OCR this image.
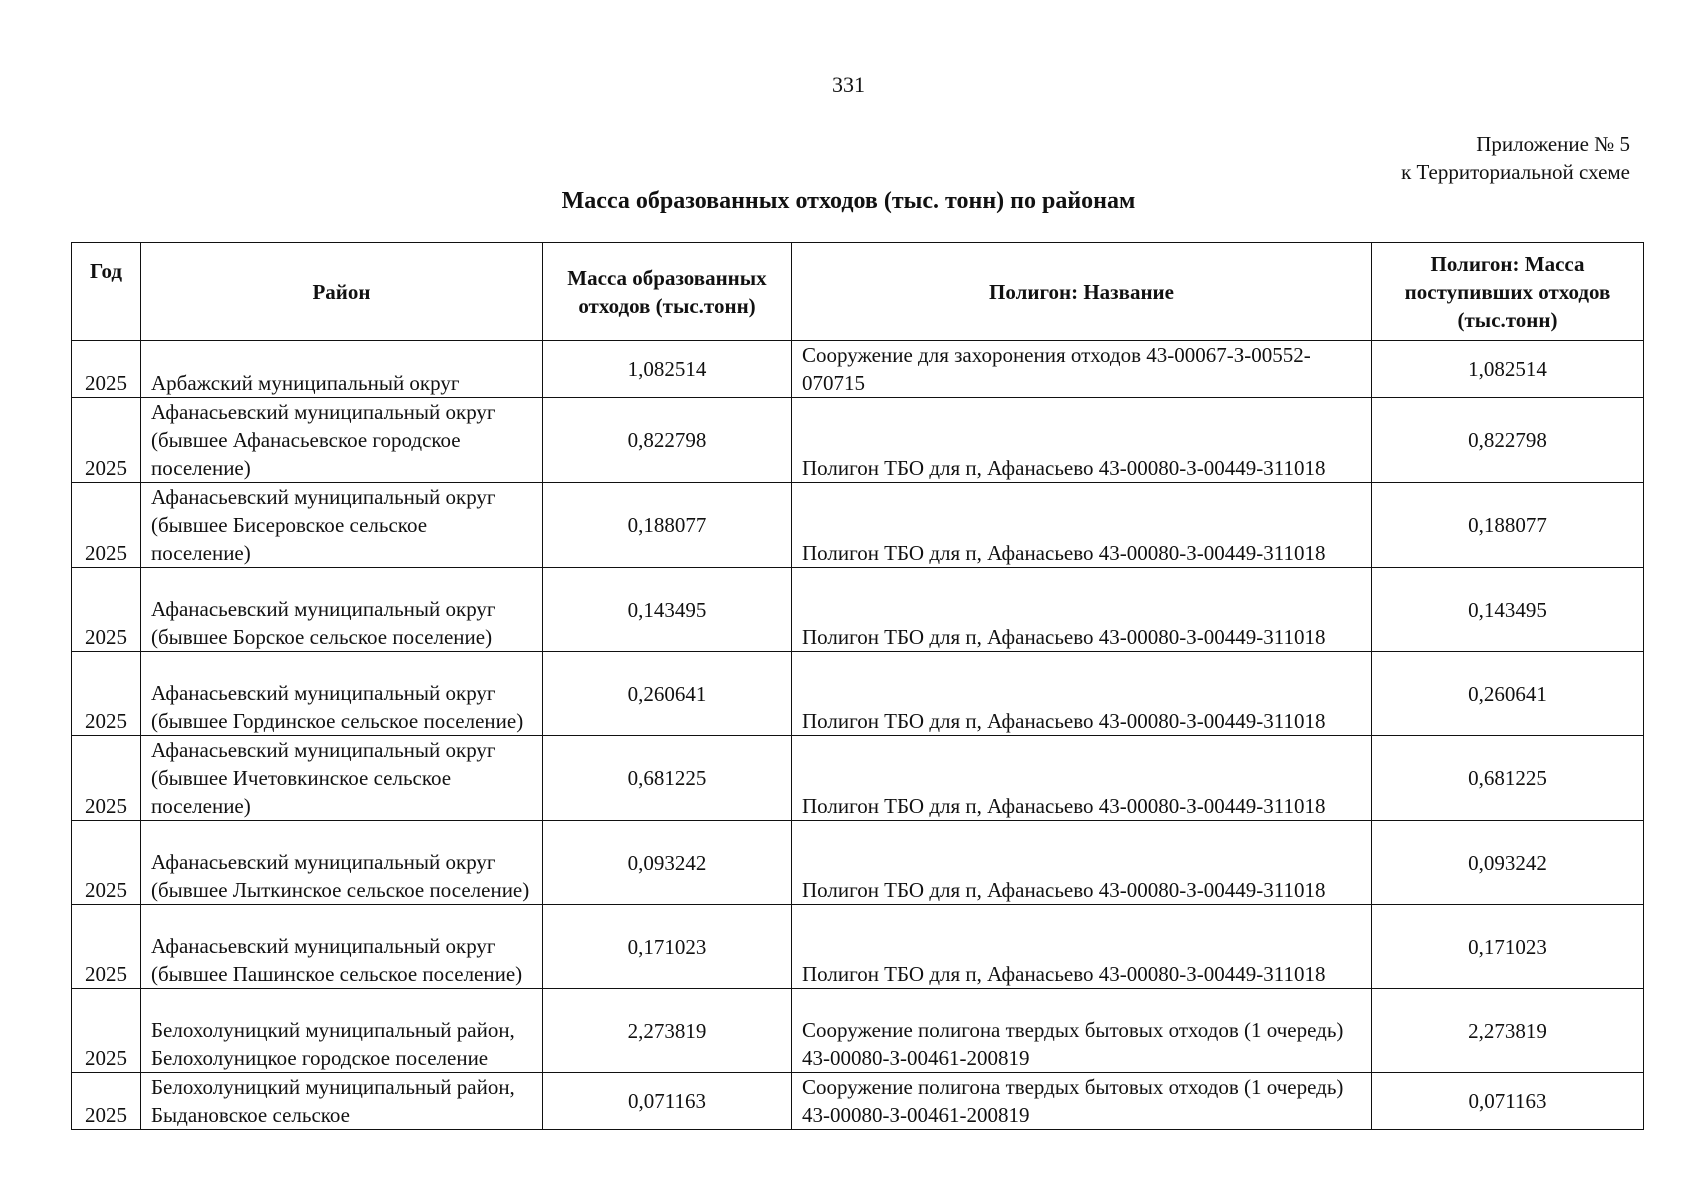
331
Приложение № 5
к Территориальной схеме
Масса образованных отходов (тыс. тонн) по районам
Год	Район	Масса образованных отходов (тыс.тонн)	Полигон: Название	Полигон: Масса поступивших отходов (тыс.тонн)
2025	Арбажский муниципальный округ	1,082514	Сооружение для захоронения отходов 43-00067-З-00552-070715	1,082514
2025	Афанасьевский муниципальный округ (бывшее Афанасьевское городское поселение)	0,822798	Полигон ТБО для п, Афанасьево 43-00080-З-00449-311018	0,822798
2025	Афанасьевский муниципальный округ (бывшее Бисеровское сельское поселение)	0,188077	Полигон ТБО для п, Афанасьево 43-00080-З-00449-311018	0,188077
2025	Афанасьевский муниципальный округ (бывшее Борское сельское поселение)	0,143495	Полигон ТБО для п, Афанасьево 43-00080-З-00449-311018	0,143495
2025	Афанасьевский муниципальный округ (бывшее Гординское сельское поселение)	0,260641	Полигон ТБО для п, Афанасьево 43-00080-З-00449-311018	0,260641
2025	Афанасьевский муниципальный округ (бывшее Ичетовкинское сельское поселение)	0,681225	Полигон ТБО для п, Афанасьево 43-00080-З-00449-311018	0,681225
2025	Афанасьевский муниципальный округ (бывшее Лыткинское сельское поселение)	0,093242	Полигон ТБО для п, Афанасьево 43-00080-З-00449-311018	0,093242
2025	Афанасьевский муниципальный округ (бывшее Пашинское сельское поселение)	0,171023	Полигон ТБО для п, Афанасьево 43-00080-З-00449-311018	0,171023
2025	Белохолуницкий муниципальный район, Белохолуницкое городское поселение	2,273819	Сооружение полигона твердых бытовых отходов (1 очередь) 43-00080-З-00461-200819	2,273819
2025	Белохолуницкий муниципальный район, Быдановское сельское	0,071163	Сооружение полигона твердых бытовых отходов (1 очередь) 43-00080-З-00461-200819	0,071163
